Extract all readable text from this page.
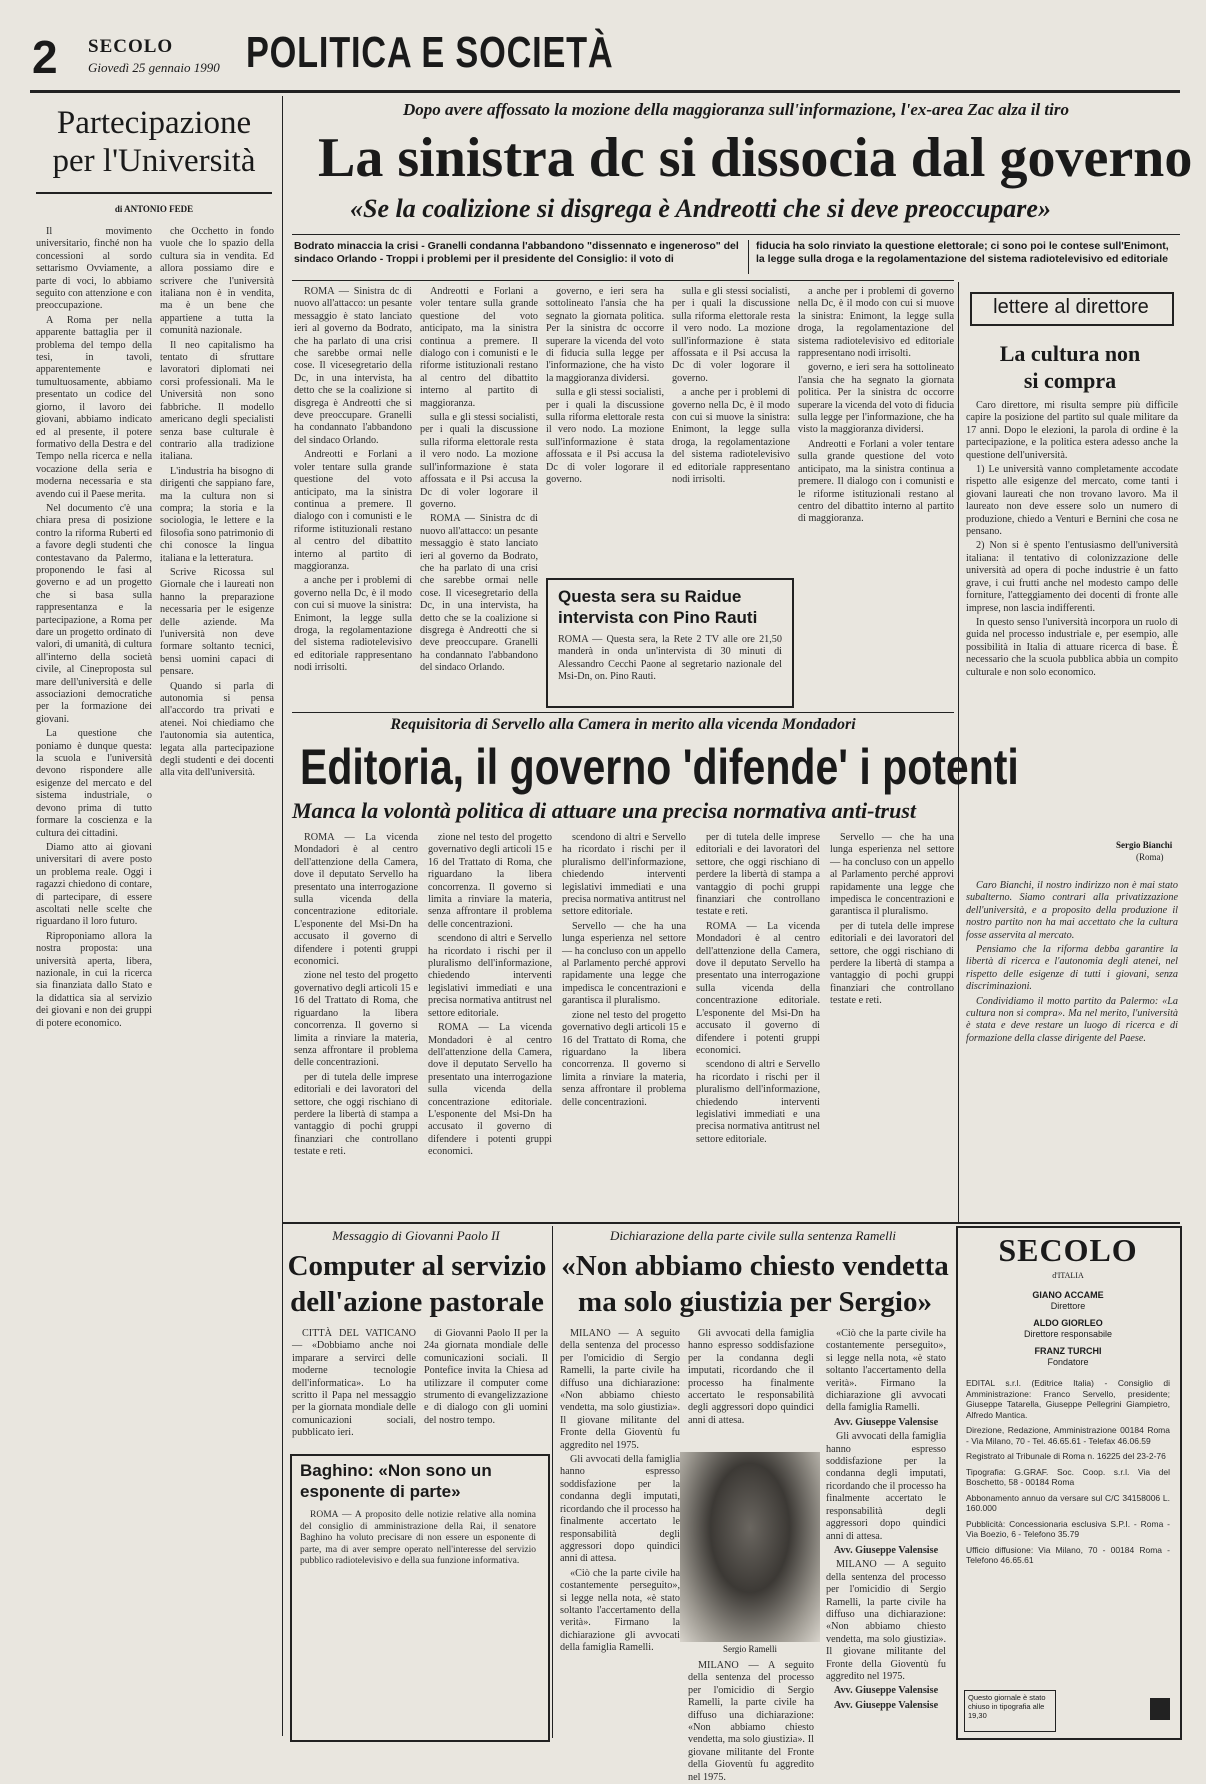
2 SECOLO
Giovedì 25 gennaio 1990 POLITICA E SOCIETÀ
Partecipazione per l'Università
di ANTONIO FEDE

Il movimento universitario, finché non ha concessioni al sordo settarismo Ovviamente, a parte di voci, lo abbiamo seguito con attenzione e con preoccupazione.

A Roma per nella apparente battaglia per il problema del tempo della tesi, in tavoli, apparentemente e tumultuosamente, abbiamo presentato un codice del giorno, il lavoro dei giovani, abbiamo indicato ed al presente, il potere formativo della Destra e del Tempo nella ricerca e nella vocazione della seria e moderna necessaria e sta avendo cui il Paese merita.

Nel documento c'è una chiara presa di posizione contro la riforma Ruberti ed a favore degli studenti che contestavano da Palermo, proponendo le fasi al governo e ad un progetto che si basa sulla rappresentanza e la partecipazione, a Roma per dare un progetto ordinato di valori, di umanità, di cultura all'interno della società civile, al Cineproposta sul mare dell'università e delle associazioni democratiche per la formazione dei giovani.

La questione che poniamo è dunque questa: la scuola e l'università devono rispondere alle esigenze del mercato e del sistema industriale, o devono prima di tutto formare la coscienza e la cultura dei cittadini.

Diamo atto ai giovani universitari di avere posto un problema reale. Oggi i ragazzi chiedono di contare, di partecipare, di essere ascoltati nelle scelte che riguardano il loro futuro.

Riproponiamo allora la nostra proposta: una università aperta, libera, nazionale, in cui la ricerca sia finanziata dallo Stato e la didattica sia al servizio dei giovani e non dei gruppi di potere economico.

che Occhetto in fondo vuole che lo spazio della cultura sia in vendita. Ed allora possiamo dire e scrivere che l'università italiana non è in vendita, ma è un bene che appartiene a tutta la comunità nazionale.

Il neo capitalismo ha tentato di sfruttare lavoratori diplomati nei corsi professionali. Ma le Università non sono fabbriche. Il modello americano degli specialisti senza base culturale è contrario alla tradizione italiana.

L'industria ha bisogno di dirigenti che sappiano fare, ma la cultura non si compra; la storia e la sociologia, le lettere e la filosofia sono patrimonio di chi conosce la lingua italiana e la letteratura.

Scrive Ricossa sul Giornale che i laureati non hanno la preparazione necessaria per le esigenze delle aziende. Ma l'università non deve formare soltanto tecnici, bensì uomini capaci di pensare.

Quando si parla di autonomia si pensa all'accordo tra privati e atenei. Noi chiediamo che l'autonomia sia autentica, legata alla partecipazione degli studenti e dei docenti alla vita dell'università.

Dopo avere affossato la mozione della maggioranza sull'informazione, l'ex-area Zac alza il tiro
La sinistra dc si dissocia dal governo
«Se la coalizione si disgrega è Andreotti che si deve preoccupare»
Bodrato minaccia la crisi - Granelli condanna l'abbandono "dissennato e ingeneroso" del sindaco Orlando - Troppi i problemi per il presidente del Consiglio: il voto di
fiducia ha solo rinviato la questione elettorale; ci sono poi le contese sull'Enimont, la legge sulla droga e la regolamentazione del sistema radiotelevisivo ed editoriale

ROMA — Sinistra dc di nuovo all'attacco: un pesante messaggio è stato lanciato ieri al governo da Bodrato, che ha parlato di una crisi che sarebbe ormai nelle cose. Il vicesegretario della Dc, in una intervista, ha detto che se la coalizione si disgrega è Andreotti che si deve preoccupare. Granelli ha condannato l'abbandono del sindaco Orlando.

Andreotti e Forlani a voler tentare sulla grande questione del voto anticipato, ma la sinistra continua a premere. Il dialogo con i comunisti e le riforme istituzionali restano al centro del dibattito interno al partito di maggioranza.

a anche per i problemi di governo nella Dc, è il modo con cui si muove la sinistra: Enimont, la legge sulla droga, la regolamentazione del sistema radiotelevisivo ed editoriale rappresentano nodi irrisolti.

Andreotti e Forlani a voler tentare sulla grande questione del voto anticipato, ma la sinistra continua a premere. Il dialogo con i comunisti e le riforme istituzionali restano al centro del dibattito interno al partito di maggioranza.

sulla e gli stessi socialisti, per i quali la discussione sulla riforma elettorale resta il vero nodo. La mozione sull'informazione è stata affossata e il Psi accusa la Dc di voler logorare il governo.

ROMA — Sinistra dc di nuovo all'attacco: un pesante messaggio è stato lanciato ieri al governo da Bodrato, che ha parlato di una crisi che sarebbe ormai nelle cose. Il vicesegretario della Dc, in una intervista, ha detto che se la coalizione si disgrega è Andreotti che si deve preoccupare. Granelli ha condannato l'abbandono del sindaco Orlando.

governo, e ieri sera ha sottolineato l'ansia che ha segnato la giornata politica. Per la sinistra dc occorre superare la vicenda del voto di fiducia sulla legge per l'informazione, che ha visto la maggioranza dividersi.

sulla e gli stessi socialisti, per i quali la discussione sulla riforma elettorale resta il vero nodo. La mozione sull'informazione è stata affossata e il Psi accusa la Dc di voler logorare il governo.

sulla e gli stessi socialisti, per i quali la discussione sulla riforma elettorale resta il vero nodo. La mozione sull'informazione è stata affossata e il Psi accusa la Dc di voler logorare il governo.

a anche per i problemi di governo nella Dc, è il modo con cui si muove la sinistra: Enimont, la legge sulla droga, la regolamentazione del sistema radiotelevisivo ed editoriale rappresentano nodi irrisolti.

a anche per i problemi di governo nella Dc, è il modo con cui si muove la sinistra: Enimont, la legge sulla droga, la regolamentazione del sistema radiotelevisivo ed editoriale rappresentano nodi irrisolti.

governo, e ieri sera ha sottolineato l'ansia che ha segnato la giornata politica. Per la sinistra dc occorre superare la vicenda del voto di fiducia sulla legge per l'informazione, che ha visto la maggioranza dividersi.

Andreotti e Forlani a voler tentare sulla grande questione del voto anticipato, ma la sinistra continua a premere. Il dialogo con i comunisti e le riforme istituzionali restano al centro del dibattito interno al partito di maggioranza.

Questa sera su Raidue intervista con Pino Rauti

ROMA — Questa sera, la Rete 2 TV alle ore 21,50 manderà in onda un'intervista di 30 minuti di Alessandro Cecchi Paone al segretario nazionale del Msi-Dn, on. Pino Rauti.

lettere al direttore
La cultura non si compra

Caro direttore, mi risulta sempre più difficile capire la posizione del partito sul quale militare da 17 anni. Dopo le elezioni, la parola di ordine è la partecipazione, e la politica estera adesso anche la questione dell'università.

1) Le università vanno completamente accodate rispetto alle esigenze del mercato, come tanti i giovani laureati che non trovano lavoro. Ma il laureato non deve essere solo un numero di produzione, chiedo a Venturi e Bernini che cosa ne pensano.

2) Non si è spento l'entusiasmo dell'università italiana: il tentativo di colonizzazione delle università ad opera di poche industrie è un fatto grave, i cui frutti anche nel modesto campo delle forniture, l'atteggiamento dei docenti di fronte alle imprese, non lascia indifferenti.

In questo senso l'università incorpora un ruolo di guida nel processo industriale e, per esempio, alle possibilità in Italia di attuare ricerca di base. È necessario che la scuola pubblica abbia un compito culturale e non solo economico.

Sergio Bianchi
(Roma)

Caro Bianchi, il nostro indirizzo non è mai stato subalterno. Siamo contrari alla privatizzazione dell'università, e a proposito della produzione il nostro partito non ha mai accettato che la cultura fosse asservita al mercato.

Pensiamo che la riforma debba garantire la libertà di ricerca e l'autonomia degli atenei, nel rispetto delle esigenze di tutti i giovani, senza discriminazioni.

Condividiamo il motto partito da Palermo: «La cultura non si compra». Ma nel merito, l'università è stata e deve restare un luogo di ricerca e di formazione della classe dirigente del Paese.

Requisitoria di Servello alla Camera in merito alla vicenda Mondadori
Editoria, il governo 'difende' i potenti
Manca la volontà politica di attuare una precisa normativa anti-trust

ROMA — La vicenda Mondadori è al centro dell'attenzione della Camera, dove il deputato Servello ha presentato una interrogazione sulla vicenda della concentrazione editoriale. L'esponente del Msi-Dn ha accusato il governo di difendere i potenti gruppi economici.

zione nel testo del progetto governativo degli articoli 15 e 16 del Trattato di Roma, che riguardano la libera concorrenza. Il governo si limita a rinviare la materia, senza affrontare il problema delle concentrazioni.

per di tutela delle imprese editoriali e dei lavoratori del settore, che oggi rischiano di perdere la libertà di stampa a vantaggio di pochi gruppi finanziari che controllano testate e reti.

zione nel testo del progetto governativo degli articoli 15 e 16 del Trattato di Roma, che riguardano la libera concorrenza. Il governo si limita a rinviare la materia, senza affrontare il problema delle concentrazioni.

scendono di altri e Servello ha ricordato i rischi per il pluralismo dell'informazione, chiedendo interventi legislativi immediati e una precisa normativa antitrust nel settore editoriale.

ROMA — La vicenda Mondadori è al centro dell'attenzione della Camera, dove il deputato Servello ha presentato una interrogazione sulla vicenda della concentrazione editoriale. L'esponente del Msi-Dn ha accusato il governo di difendere i potenti gruppi economici.

scendono di altri e Servello ha ricordato i rischi per il pluralismo dell'informazione, chiedendo interventi legislativi immediati e una precisa normativa antitrust nel settore editoriale.

Servello — che ha una lunga esperienza nel settore — ha concluso con un appello al Parlamento perché approvi rapidamente una legge che impedisca le concentrazioni e garantisca il pluralismo.

zione nel testo del progetto governativo degli articoli 15 e 16 del Trattato di Roma, che riguardano la libera concorrenza. Il governo si limita a rinviare la materia, senza affrontare il problema delle concentrazioni.

per di tutela delle imprese editoriali e dei lavoratori del settore, che oggi rischiano di perdere la libertà di stampa a vantaggio di pochi gruppi finanziari che controllano testate e reti.

ROMA — La vicenda Mondadori è al centro dell'attenzione della Camera, dove il deputato Servello ha presentato una interrogazione sulla vicenda della concentrazione editoriale. L'esponente del Msi-Dn ha accusato il governo di difendere i potenti gruppi economici.

scendono di altri e Servello ha ricordato i rischi per il pluralismo dell'informazione, chiedendo interventi legislativi immediati e una precisa normativa antitrust nel settore editoriale.

Servello — che ha una lunga esperienza nel settore — ha concluso con un appello al Parlamento perché approvi rapidamente una legge che impedisca le concentrazioni e garantisca il pluralismo.

per di tutela delle imprese editoriali e dei lavoratori del settore, che oggi rischiano di perdere la libertà di stampa a vantaggio di pochi gruppi finanziari che controllano testate e reti.

Messaggio di Giovanni Paolo II
Computer al servizio dell'azione pastorale

CITTÀ DEL VATICANO — «Dobbiamo anche noi imparare a servirci delle moderne tecnologie dell'informatica». Lo ha scritto il Papa nel messaggio per la giornata mondiale delle comunicazioni sociali, pubblicato ieri.

di Giovanni Paolo II per la 24a giornata mondiale delle comunicazioni sociali. Il Pontefice invita la Chiesa ad utilizzare il computer come strumento di evangelizzazione e di dialogo con gli uomini del nostro tempo.

Baghino: «Non sono un esponente di parte»

ROMA — A proposito delle notizie relative alla nomina del consiglio di amministrazione della Rai, il senatore Baghino ha voluto precisare di non essere un esponente di parte, ma di aver sempre operato nell'interesse del servizio pubblico radiotelevisivo e della sua funzione informativa.

Dichiarazione della parte civile sulla sentenza Ramelli
«Non abbiamo chiesto vendetta ma solo giustizia per Sergio»

MILANO — A seguito della sentenza del processo per l'omicidio di Sergio Ramelli, la parte civile ha diffuso una dichiarazione: «Non abbiamo chiesto vendetta, ma solo giustizia». Il giovane militante del Fronte della Gioventù fu aggredito nel 1975.

Gli avvocati della famiglia hanno espresso soddisfazione per la condanna degli imputati, ricordando che il processo ha finalmente accertato le responsabilità degli aggressori dopo quindici anni di attesa.

«Ciò che la parte civile ha costantemente perseguito», si legge nella nota, «è stato soltanto l'accertamento della verità». Firmano la dichiarazione gli avvocati della famiglia Ramelli.

Gli avvocati della famiglia hanno espresso soddisfazione per la condanna degli imputati, ricordando che il processo ha finalmente accertato le responsabilità degli aggressori dopo quindici anni di attesa.

Sergio Ramelli

MILANO — A seguito della sentenza del processo per l'omicidio di Sergio Ramelli, la parte civile ha diffuso una dichiarazione: «Non abbiamo chiesto vendetta, ma solo giustizia». Il giovane militante del Fronte della Gioventù fu aggredito nel 1975.

«Ciò che la parte civile ha costantemente perseguito», si legge nella nota, «è stato soltanto l'accertamento della verità». Firmano la dichiarazione gli avvocati della famiglia Ramelli.

Avv. Giuseppe Valensise

Gli avvocati della famiglia hanno espresso soddisfazione per la condanna degli imputati, ricordando che il processo ha finalmente accertato le responsabilità degli aggressori dopo quindici anni di attesa.

Avv. Giuseppe Valensise

MILANO — A seguito della sentenza del processo per l'omicidio di Sergio Ramelli, la parte civile ha diffuso una dichiarazione: «Non abbiamo chiesto vendetta, ma solo giustizia». Il giovane militante del Fronte della Gioventù fu aggredito nel 1975.

Avv. Giuseppe Valensise

Avv. Giuseppe Valensise

SECOLO
d'ITALIA
GIANO ACCAME
Direttore
ALDO GIORLEO
Direttore responsabile
FRANZ TURCHI
Fondatore

EDITAL s.r.l. (Editrice Italia) - Consiglio di Amministrazione: Franco Servello, presidente; Giuseppe Tatarella, Giuseppe Pellegrini Giampietro, Alfredo Mantica.

Direzione, Redazione, Amministrazione 00184 Roma - Via Milano, 70 - Tel. 46.65.61 - Telefax 46.06.59

Registrato al Tribunale di Roma n. 16225 del 23-2-76

Tipografia: G.GRAF. Soc. Coop. s.r.l. Via del Boschetto, 58 - 00184 Roma

Abbonamento annuo da versare sul C/C 34158006 L. 160.000

Pubblicità: Concessionaria esclusiva S.P.I. - Roma - Via Boezio, 6 - Telefono 35.79

Ufficio diffusione: Via Milano, 70 - 00184 Roma - Telefono 46.65.61

Questo giornale è stato chiuso in tipografia alle 19,30
